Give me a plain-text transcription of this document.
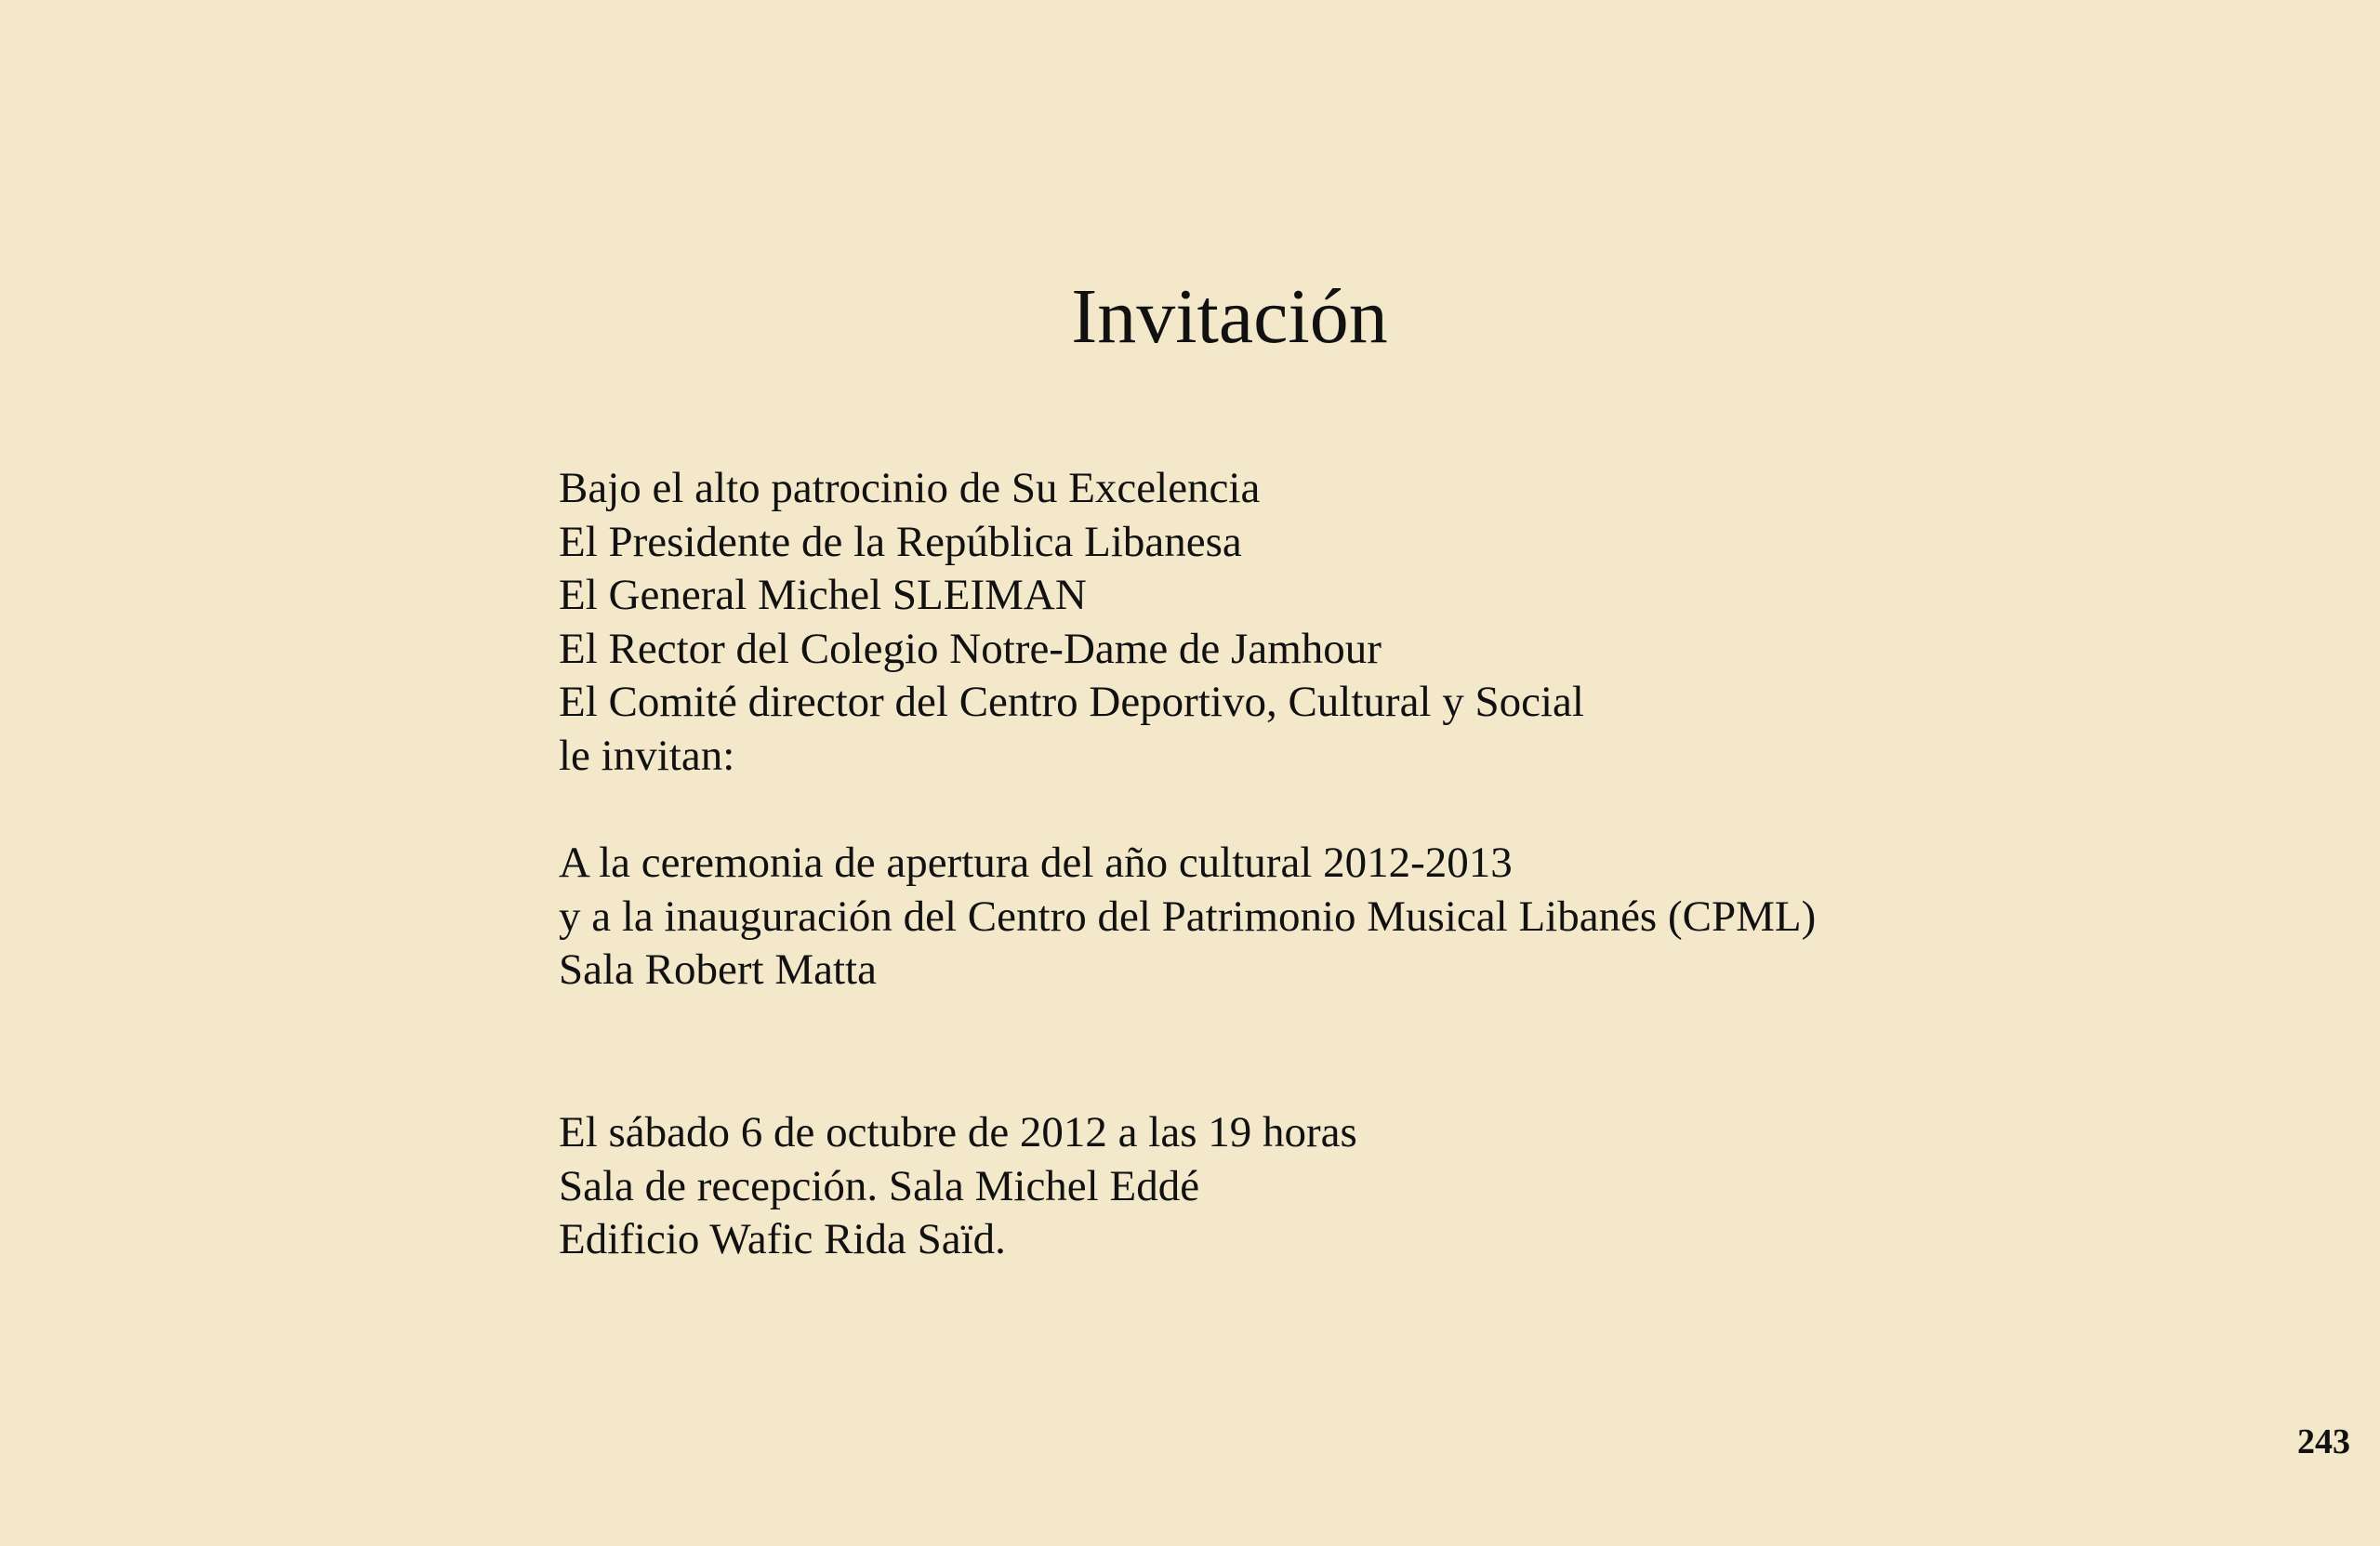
Invitación
Bajo el alto patrocinio de Su Excelencia
El Presidente de la República Libanesa
El General Michel SLEIMAN
El Rector del Colegio Notre-Dame de Jamhour
El Comité director del Centro Deportivo, Cultural y Social
le invitan:
A la ceremonia de apertura del año cultural 2012-2013
y a la inauguración del Centro del Patrimonio Musical Libanés (CPML)
Sala Robert Matta
El sábado 6 de octubre de 2012 a las 19 horas
Sala de recepción. Sala Michel Eddé
Edificio Wafic Rida Saïd.
243
